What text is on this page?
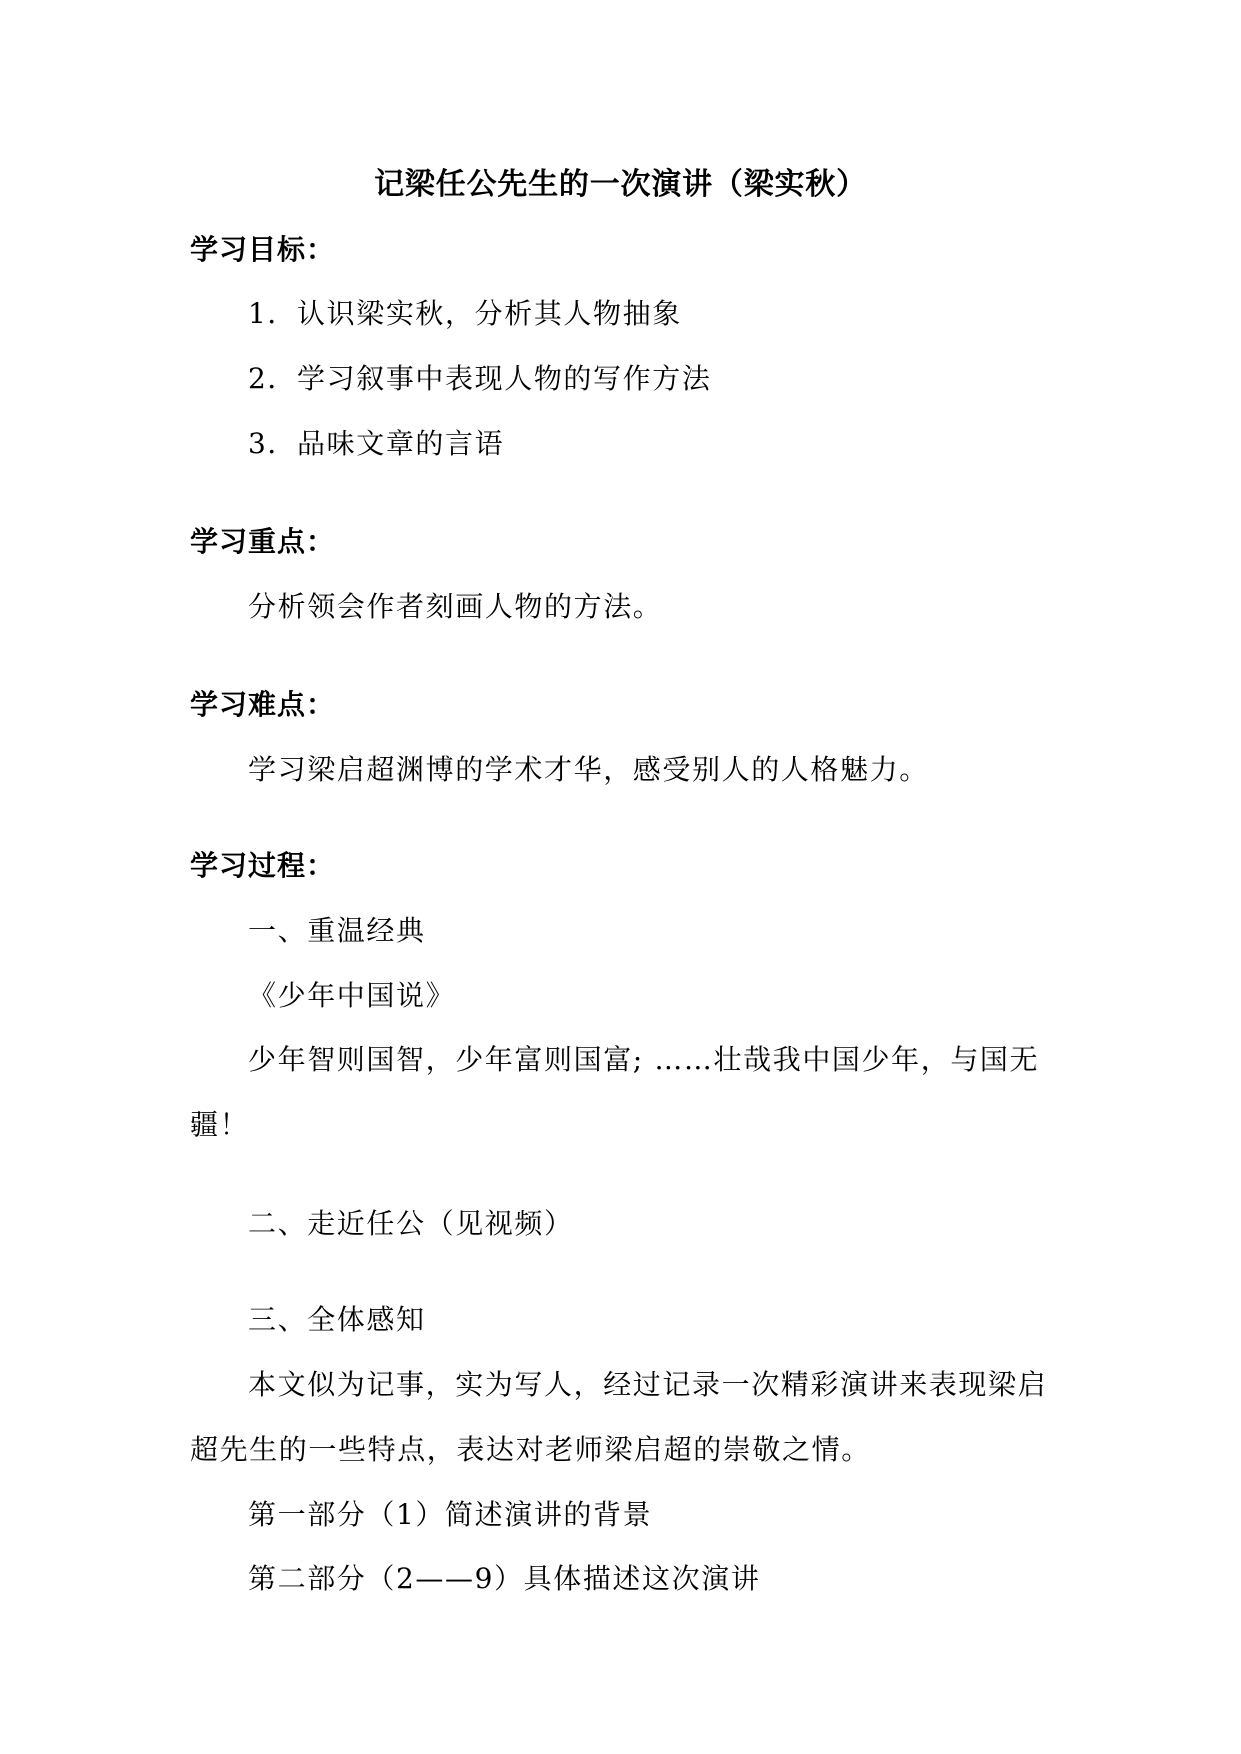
记梁任公先生的一次演讲（梁实秋）
学习目标：
1．认识梁实秋，分析其人物抽象
2．学习叙事中表现人物的写作方法
3．品味文章的言语
学习重点：
分析领会作者刻画人物的方法。
学习难点：
学习梁启超渊博的学术才华，感受别人的人格魅力。
学习过程：
一、重温经典
《少年中国说》
少年智则国智，少年富则国富; ……壮哉我中国少年，与国无
疆！
二、走近任公（见视频）
三、全体感知
本文似为记事，实为写人，经过记录一次精彩演讲来表现梁启
超先生的一些特点，表达对老师梁启超的崇敬之情。
第一部分（1）简述演讲的背景
第二部分（2——9）具体描述这次演讲
